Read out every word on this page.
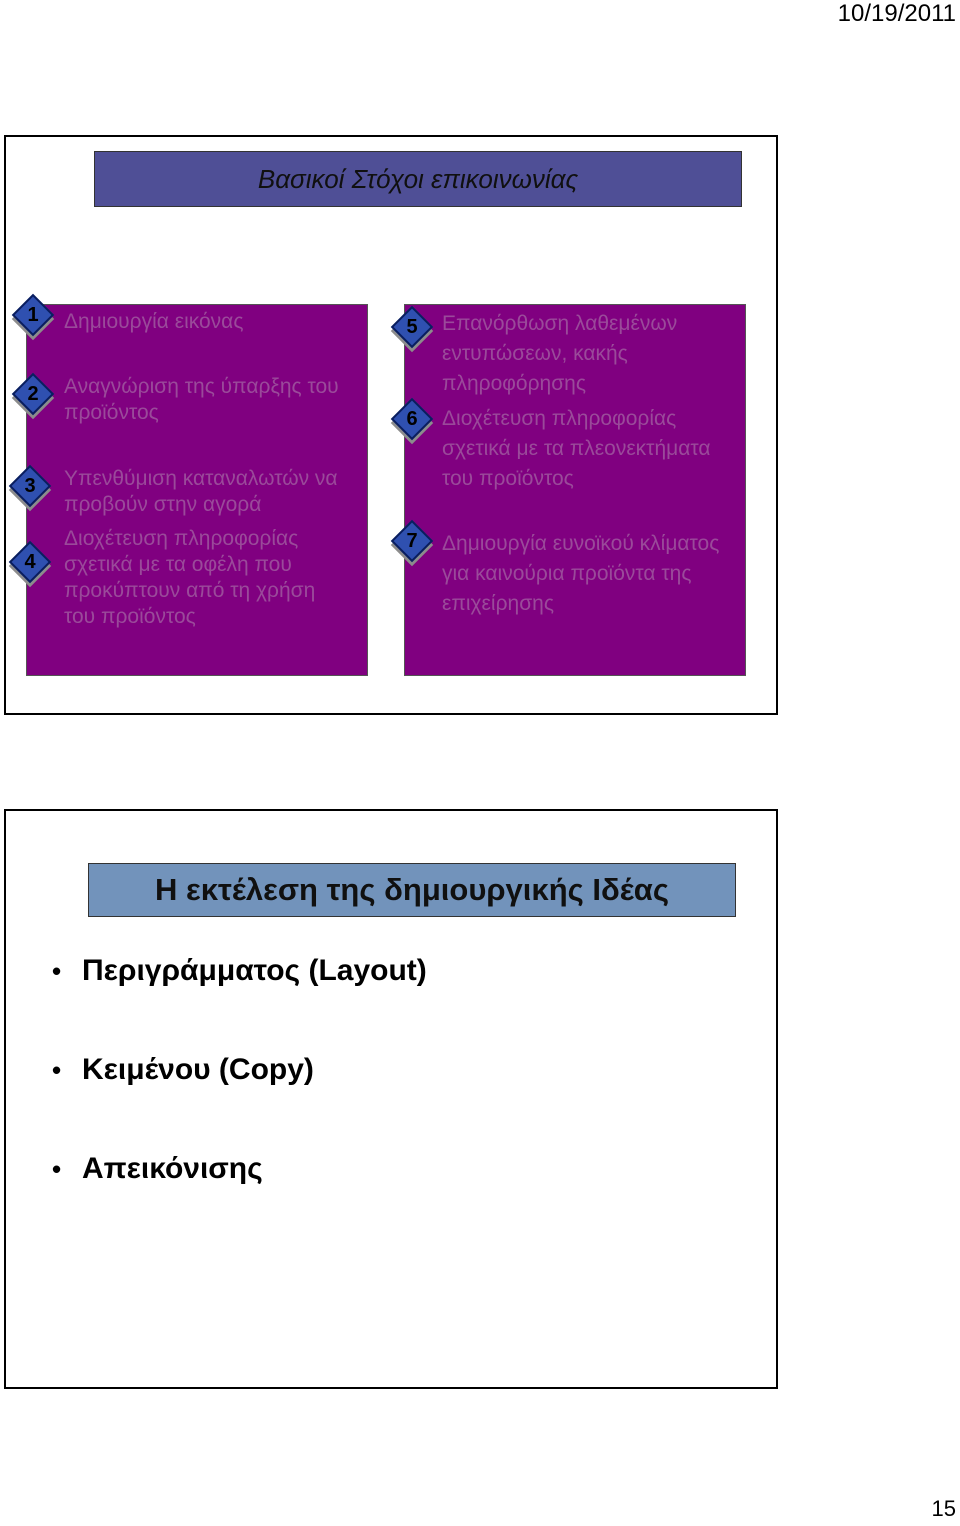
10/19/2011
Βασικοί Στόχοι επικοινωνίας
1	Δημιουργία εικόνας
2	Αναγνώριση της ύπαρξης του προϊόντος
3	Υπενθύμιση καταναλωτών να προβούν στην αγορά
4
Διοχέτευση πληροφορίας σχετικά με τα οφέλη που προκύπτουν από τη χρήση του προϊόντος
5	Επανόρθωση λαθεμένων εντυπώσεων, κακής πληροφόρησης
6	Διοχέτευση πληροφορίας σχετικά με τα πλεονεκτήματα του προϊόντος
7	Δημιουργία ευνοϊκού κλίματος για καινούρια προϊόντα της επιχείρησης
Η εκτέλεση της δημιουργικής Ιδέας
• Περιγράμματος (Layout)
• Κειμένου (Copy)
• Απεικόνισης
15
